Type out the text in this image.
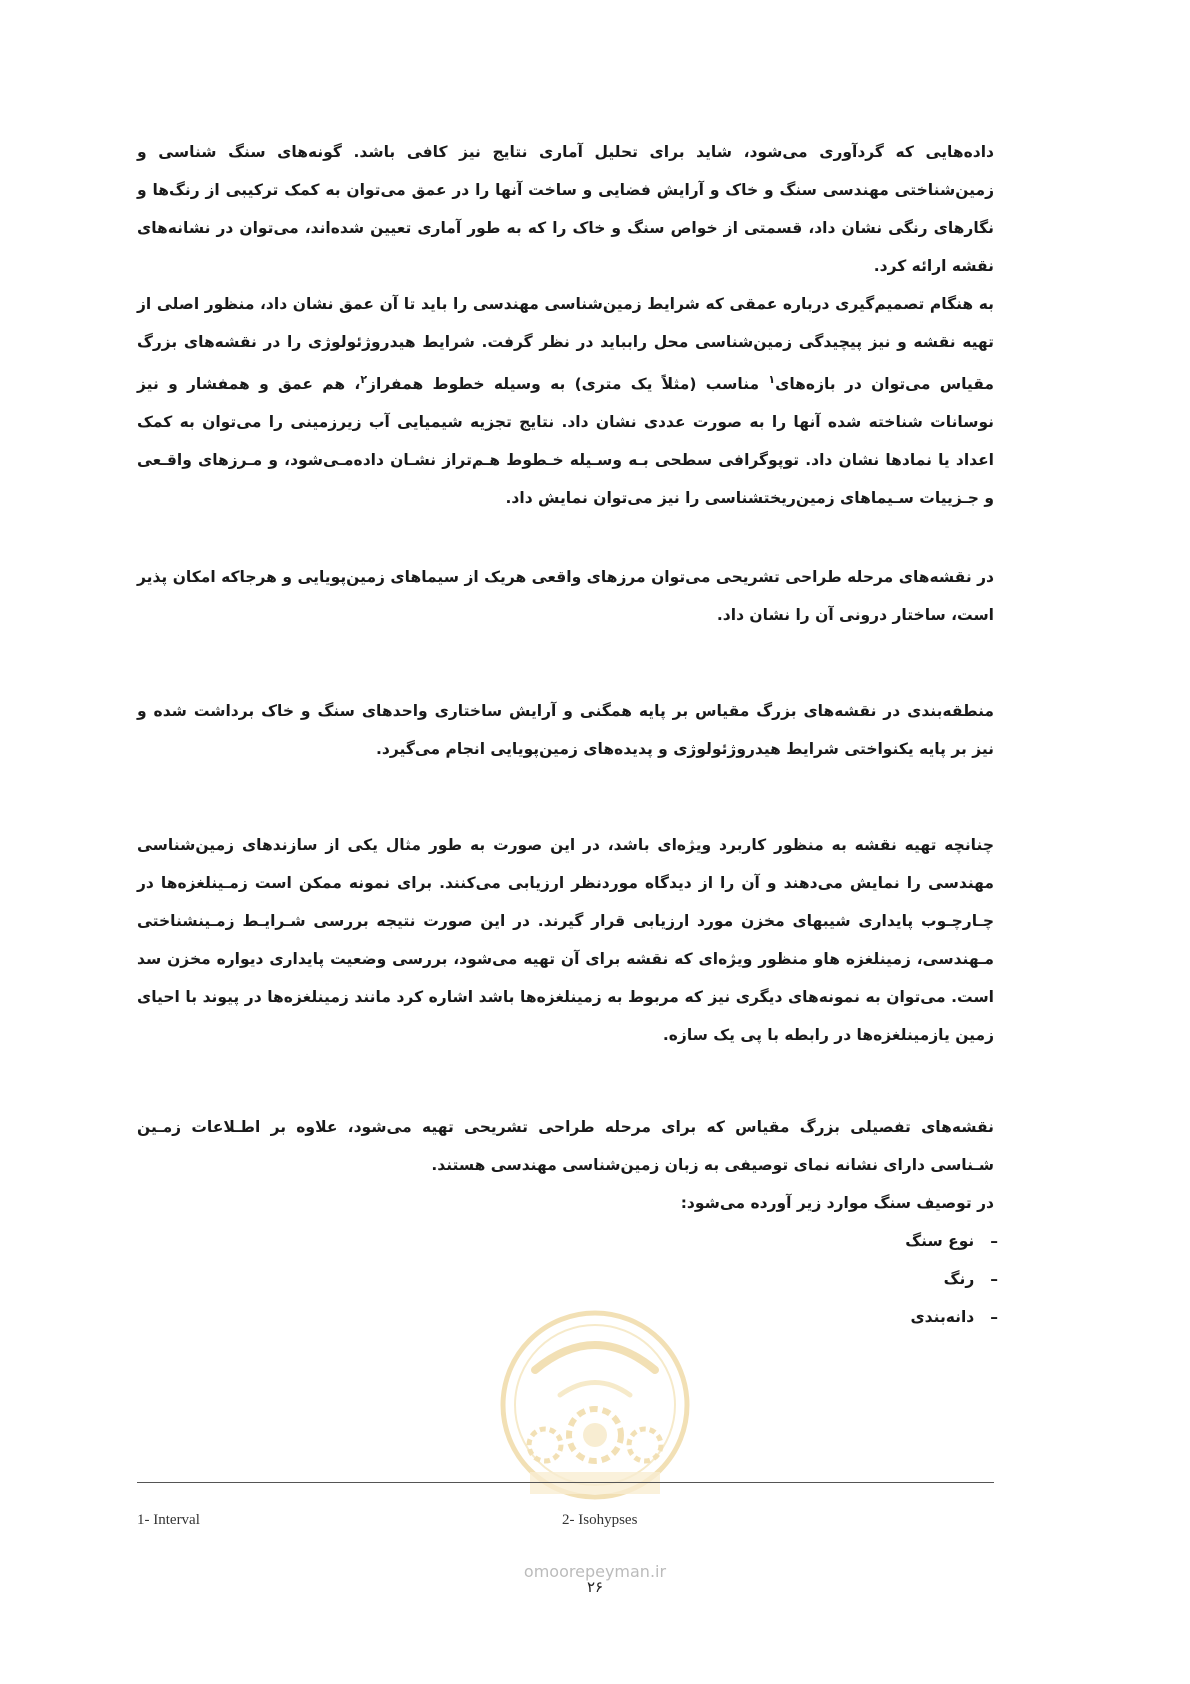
داده‌هایی که گردآوری می‌شود، شاید برای تحلیل آماری نتایج نیز کافی باشد. گونه‌های سنگ شناسی و زمین‌شناختی مهندسی سنگ و خاک و آرایش فضایی و ساخت آنها را در عمق می‌توان به کمک ترکیبی از رنگ‌ها و نگارهای رنگی نشان داد، قسمتی از خواص سنگ و خاک را که به طور آماری تعیین شده‌اند، می‌توان در نشانه‌های نقشه ارائه کرد.

به هنگام تصمیم‌گیری درباره عمقی که شرایط زمین‌شناسی مهندسی را باید تا آن عمق نشان داد، منظور اصلی از تهیه نقشه و نیز پیچیدگی زمین‌شناسی محل رابباید در نظر گرفت. شرایط هیدروژئولوژی را در نقشه‌های بزرگ مقیاس می‌توان در بازه‌های$^۱$ مناسب (مثلاً یک متری) به وسیله خطوط همفراز$^۲$، هم عمق و همفشار و نیز نوسانات شناخته شده آنها را به صورت عددی نشان داد. نتایج تجزیه شیمیایی آب زیرزمینی را می‌توان به کمک اعداد یا نمادها نشان داد. توپوگرافی سطحی بـه وسـیله خـطوط هـم‌تراز نشـان داده‌مـی‌شود، و مـرزهای واقـعی و جـزییات سـیماهای زمین‌ریختشناسی را نیز می‌توان نمایش داد.

در نقشه‌های مرحله طراحی تشریحی می‌توان مرزهای واقعی هریک از سیماهای زمین‌پویایی و هرجاکه امکان پذیر است، ساختار درونی آن را نشان داد.

منطقه‌بندی در نقشه‌های بزرگ مقیاس بر پایه همگنی و آرایش ساختاری واحدهای سنگ و خاک برداشت شده و نیز بر پایه یکنواختی شرایط هیدروژئولوژی و پدیده‌های زمین‌پویایی انجام می‌گیرد.

چنانچه تهیه نقشه به منظور کاربرد ویژه‌ای باشد، در این صورت به طور مثال یکی از سازندهای زمین‌شناسی مهندسی را نمایش می‌دهند و آن را از دیدگاه موردنظر ارزیابی می‌کنند. برای نمونه ممکن است زمـینلغزه‌ها در چـارچـوب پایداری شیبهای مخزن مورد ارزیابی قرار گیرند. در این صورت نتیجه بررسی شـرایـط زمـینشناختی مـهندسی، زمینلغزه هاو منظور ویژه‌ای که نقشه برای آن تهیه می‌شود، بررسی وضعیت پایداری دیواره مخزن سد است. می‌توان به نمونه‌های دیگری نیز که مربوط به زمینلغزه‌ها باشد اشاره کرد مانند زمینلغزه‌ها در پیوند با احیای زمین یازمینلغزه‌ها در رابطه با پی یک سازه.

نقشه‌های تفصیلی بزرگ مقیاس که برای مرحله طراحی تشریحی تهیه می‌شود، علاوه بر اطـلاعات زمـین شـناسی دارای نشانه نمای توصیفی به زبان زمین‌شناسی مهندسی هستند.

در توصیف سنگ موارد زیر آورده می‌شود:

–
نوع سنگ
–
رنگ
–
دانه‌بندی
1- Interval	2- Isohypses
omoorepeyman.ir
۲۶
